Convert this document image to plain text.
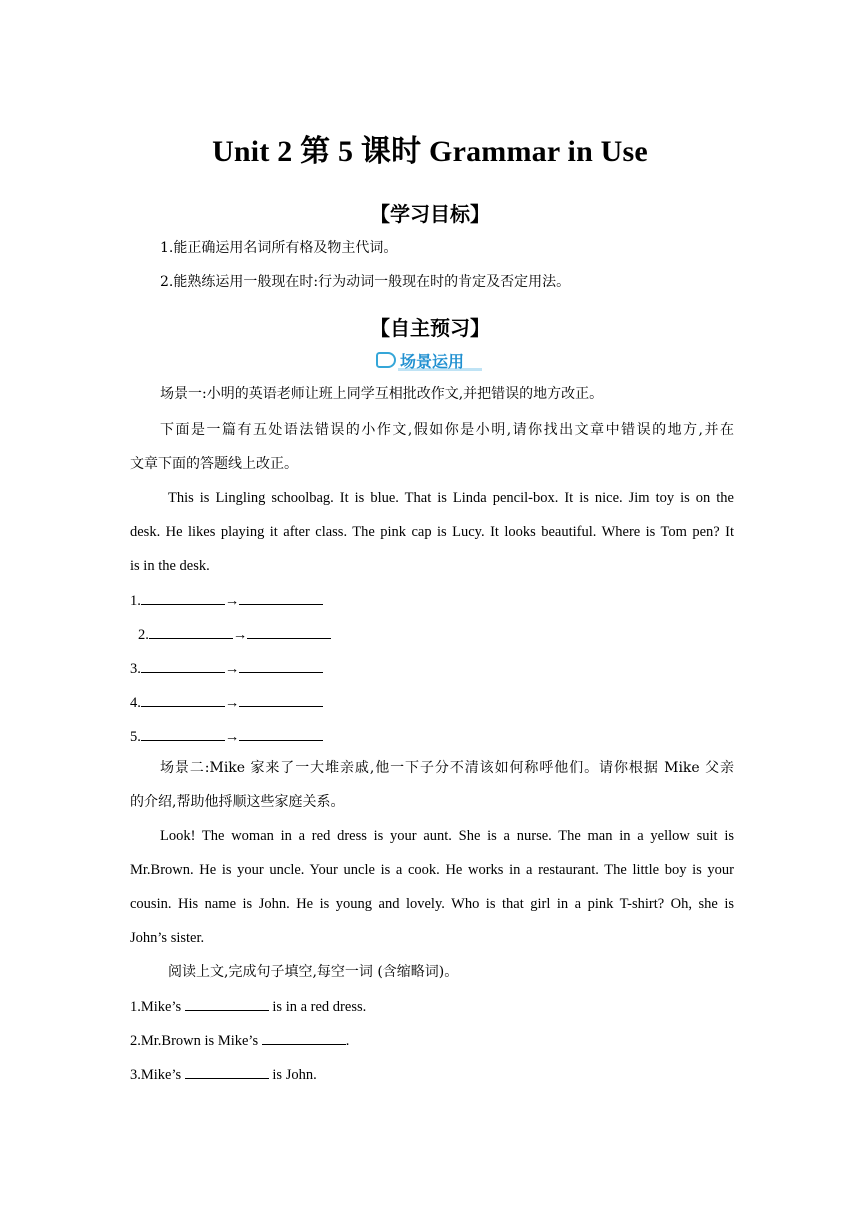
Unit 2 第 5 课时 Grammar in Use
【学习目标】
1.能正确运用名词所有格及物主代词。
2.能熟练运用一般现在时:行为动词一般现在时的肯定及否定用法。
【自主预习】
场景运用
场景一:小明的英语老师让班上同学互相批改作文,并把错误的地方改正。
下面是一篇有五处语法错误的小作文,假如你是小明,请你找出文章中错误的地方,并在
文章下面的答题线上改正。
This is Lingling schoolbag. It is blue. That is Linda pencil-box. It is nice. Jim toy is on the
desk. He likes playing it after class. The pink cap is Lucy. It looks beautiful. Where is Tom pen? It
is in the desk.
1.	→
2.	→
3.	→
4.	→
5.	→
场景二:Mike 家来了一大堆亲戚,他一下子分不清该如何称呼他们。请你根据 Mike 父亲
的介绍,帮助他捋顺这些家庭关系。
Look! The woman in a red dress is your aunt. She is a nurse. The man in a yellow suit is
Mr.Brown. He is your uncle. Your uncle is a cook. He works in a restaurant. The little boy is your
cousin. His name is John. He is young and lovely. Who is that girl in a pink T-shirt? Oh, she is
John’s sister.
阅读上文,完成句子填空,每空一词 (含缩略词)。
1.Mike’s	is in a red dress.
2.Mr.Brown is Mike’s	.
3.Mike’s	is John.
